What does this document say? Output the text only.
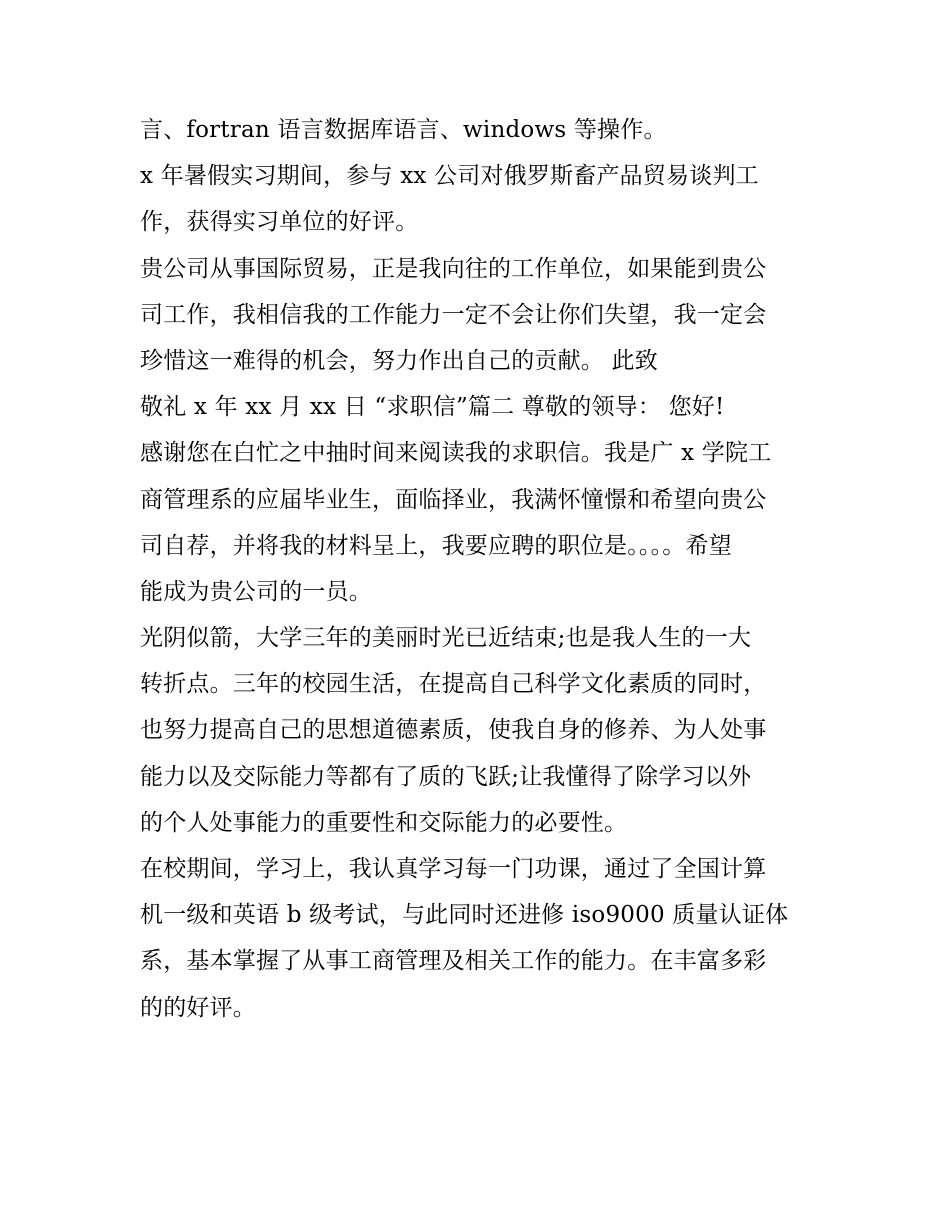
言、fortran 语言数据库语言、windows 等操作。
x 年暑假实习期间，参与 xx 公司对俄罗斯畜产品贸易谈判工
作，获得实习单位的好评。
贵公司从事国际贸易，正是我向往的工作单位，如果能到贵公
司工作，我相信我的工作能力一定不会让你们失望，我一定会
珍惜这一难得的机会，努力作出自己的贡献。 此致
敬礼 x 年 xx 月 xx 日 “求职信”篇二 尊敬的领导： 您好!
感谢您在白忙之中抽时间来阅读我的求职信。我是广 x 学院工
商管理系的应届毕业生，面临择业，我满怀憧憬和希望向贵公
司自荐，并将我的材料呈上，我要应聘的职位是。。。。希望
能成为贵公司的一员。
光阴似箭，大学三年的美丽时光已近结束;也是我人生的一大
转折点。三年的校园生活，在提高自己科学文化素质的同时，
也努力提高自己的思想道德素质，使我自身的修养、为人处事
能力以及交际能力等都有了质的飞跃;让我懂得了除学习以外
的个人处事能力的重要性和交际能力的必要性。
在校期间，学习上，我认真学习每一门功课，通过了全国计算
机一级和英语 b 级考试，与此同时还进修 iso9000 质量认证体
系，基本掌握了从事工商管理及相关工作的能力。在丰富多彩
的的好评。
